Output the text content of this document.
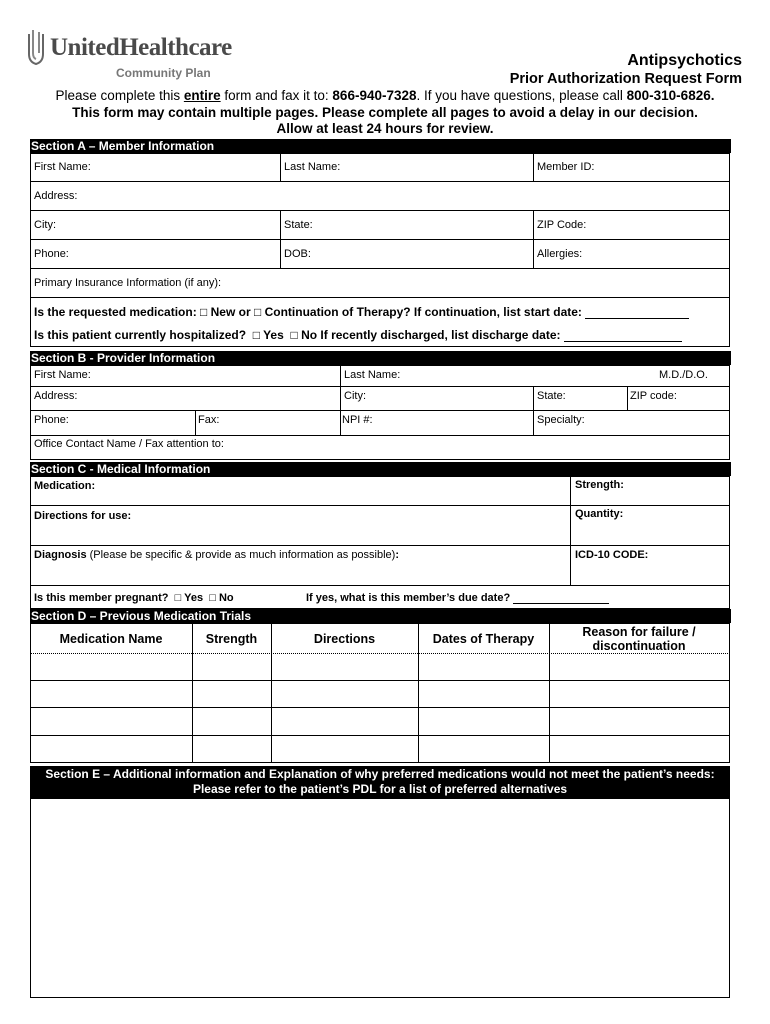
UnitedHealthcare
Community Plan
Antipsychotics
Prior Authorization Request Form
Please complete this entire form and fax it to: 866-940-7328. If you have questions, please call 800-310-6826.
This form may contain multiple pages. Please complete all pages to avoid a delay in our decision.
Allow at least 24 hours for review.
Section A – Member Information
First Name:	Last Name:	Member ID:
Address:
City:	State:	ZIP Code:
Phone:	DOB:	Allergies:
Primary Insurance Information (if any):
Is the requested medication: □ New or □ Continuation of Therapy? If continuation, list start date:
Is this patient currently hospitalized? □ Yes □ No If recently discharged, list discharge date:
Section B - Provider Information
First Name:	Last Name:	M.D./D.O.
Address:	City:	State:	ZIP code:
Phone:	Fax:	NPI #:	Specialty:
Office Contact Name / Fax attention to:
Section C - Medical Information
Medication:	Strength:
Directions for use:	Quantity:
Diagnosis (Please be specific & provide as much information as possible):	ICD-10 CODE:
Is this member pregnant? □ Yes □ No	If yes, what is this member’s due date?
Section D – Previous Medication Trials
Medication Name	Strength	Directions	Dates of Therapy	Reason for failure / discontinuation
Section E – Additional information and Explanation of why preferred medications would not meet the patient’s needs:
Please refer to the patient’s PDL for a list of preferred alternatives
